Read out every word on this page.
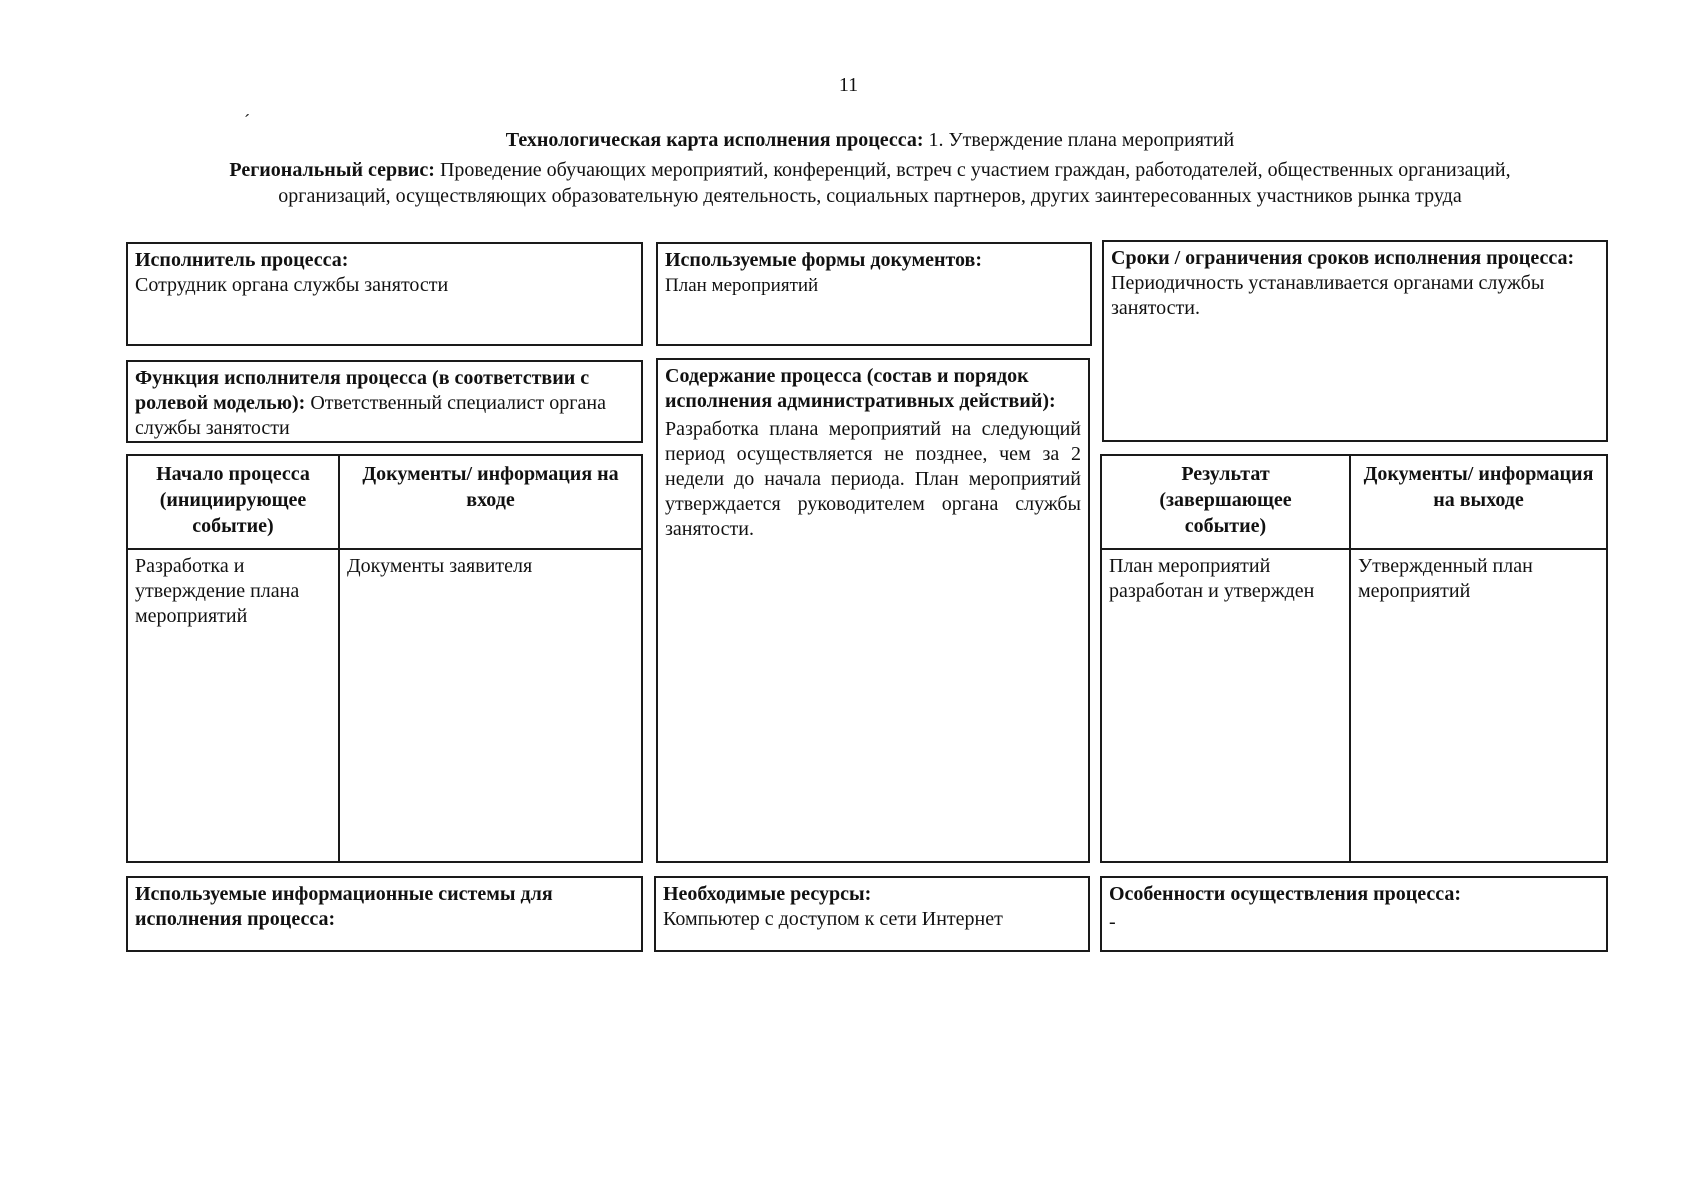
11
´
Технологическая карта исполнения процесса: 1. Утверждение плана мероприятий
Региональный сервис: Проведение обучающих мероприятий, конференций, встреч с участием граждан, работодателей, общественных организаций,
организаций, осуществляющих образовательную деятельность, социальных партнеров, других заинтересованных участников рынка труда
Исполнитель процесса:
Сотрудник органа службы занятости
Используемые формы документов:
План мероприятий
Сроки / ограничения сроков исполнения процесса:
Периодичность устанавливается органами службы занятости.
Функция исполнителя процесса (в соответствии с ролевой моделью): Ответственный специалист органа службы занятости
Содержание процесса (состав и порядок исполнения административных действий):
Разработка плана мероприятий на следующий период осуществляется не позднее, чем за 2 недели до начала периода. План мероприятий утверждается руководителем органа службы занятости.
Начало процесса (инициирующее событие)
Документы/ информация на входе
Разработка и утверждение плана мероприятий
Документы заявителя
Результат (завершающее событие)
Документы/ информация на выходе
План мероприятий разработан и утвержден
Утвержденный план мероприятий
Используемые информационные системы для исполнения процесса:
Необходимые ресурсы:
Компьютер с доступом к сети Интернет
Особенности осуществления процесса:
-
